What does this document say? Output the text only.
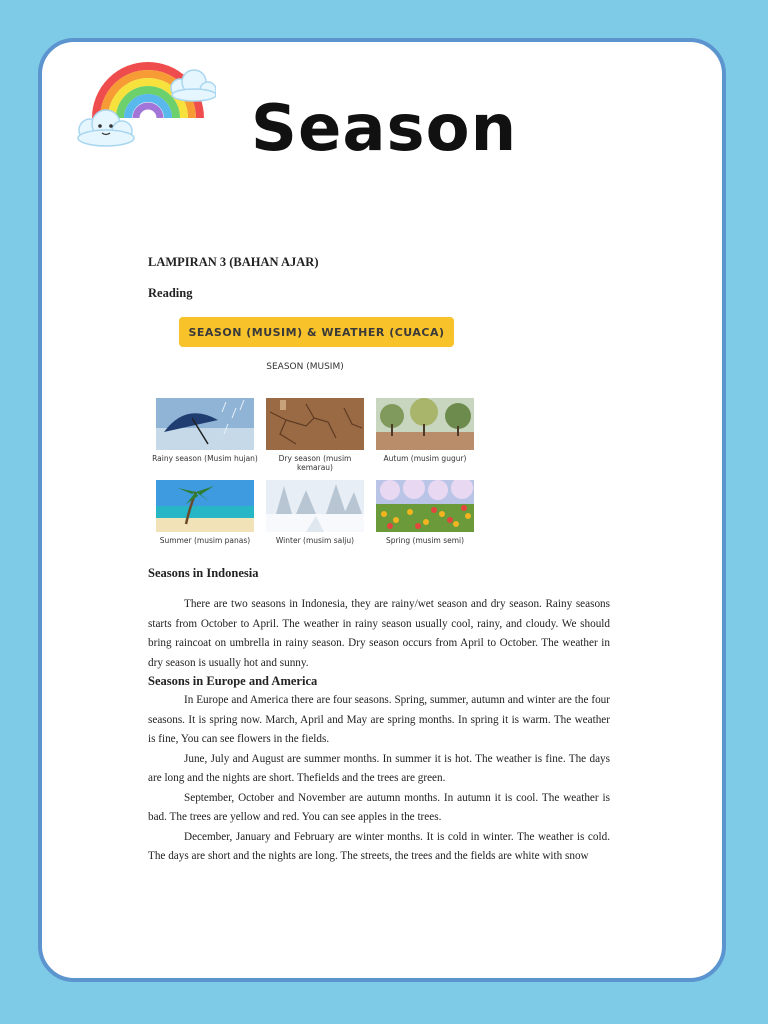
Season
LAMPIRAN 3 (BAHAN AJAR)
Reading
SEASON (MUSIM) & WEATHER (CUACA)
SEASON (MUSIM)
Rainy season (Musim hujan)	Dry season (musim kemarau)
Autum (musim gugur)
Summer (musim panas)	Winter (musim salju)	Spring (musim semi)
Seasons in Indonesia

There are two seasons in Indonesia, they are rainy/wet season and dry season. Rainy seasons starts from October to April. The weather in rainy season usually cool, rainy, and cloudy. We should bring raincoat on umbrella in rainy season. Dry season occurs from April to October. The weather in dry season is usually hot and sunny.

Seasons in Europe and America

In Europe and America there are four seasons. Spring, summer, autumn and winter are the four seasons. It is spring now. March, April and May are spring months. In spring it is warm. The weather is fine, You can see flowers in the fields.

June, July and August are summer months. In summer it is hot. The weather is fine. The days are long and the nights are short. Thefields and the trees are green.

September, October and November are autumn months. In autumn it is cool. The weather is bad. The trees are yellow and red. You can see apples in the trees.

December, January and February are winter months. It is cold in winter. The weather is cold. The days are short and the nights are long. The streets, the trees and the fields are white with snow
